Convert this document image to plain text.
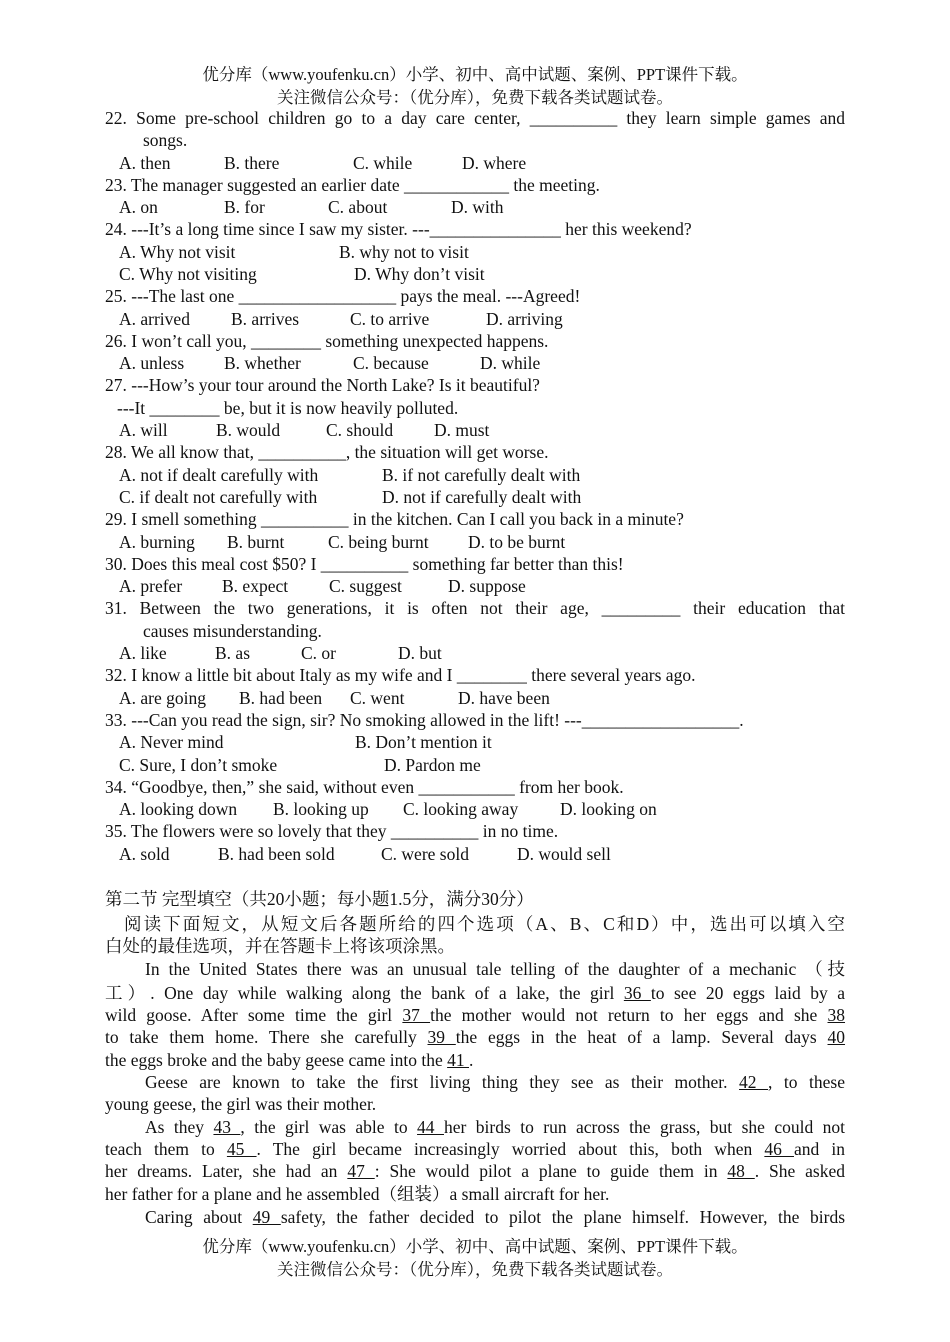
优分库（www.youfenku.cn）小学、初中、高中试题、案例、PPT课件下载。
关注微信公众号：（优分库），免费下载各类试题试卷。
22. Some pre-school children go to a day care center, __________ they learn simple games and
songs.
A. then	B. there	C. while	D. where
23. The manager suggested an earlier date ____________ the meeting.
A. on	B. for	C. about	D. with
24. ---It’s a long time since I saw my sister. ---_______________ her this weekend?
A. Why not visit	B. why not to visit
C. Why not visiting	D. Why don’t visit
25. ---The last one __________________ pays the meal. ---Agreed!
A. arrived B. arrives	C. to arrive	D. arriving
26. I won’t call you, ________ something unexpected happens.
A. unless B. whether	C. because	D. while
27. ---How’s your tour around the North Lake? Is it beautiful?
---It ________ be, but it is now heavily polluted.
A. will	B. would	C. should D. must
28. We all know that, __________, the situation will get worse.
A. not if dealt carefully with	B. if not carefully dealt with
C. if dealt not carefully with	D. not if carefully dealt with
29. I smell something __________ in the kitchen. Can I call you back in a minute?
A. burning B. burnt C. being burnt D. to be burnt
30. Does this meal cost $50? I __________ something far better than this!
A. prefer B. expect C. suggest	D. suppose
31. Between the two generations, it is often not their age, _________ their education that
causes misunderstanding.
A. like	B. as	C. or	D. but
32. I know a little bit about Italy as my wife and I ________ there several years ago.
A. are going B. had been C. went	D. have been
33. ---Can you read the sign, sir? No smoking allowed in the lift! ---__________________.
A. Never mind	B. Don’t mention it
C. Sure, I don’t smoke	D. Pardon me
34. “Goodbye, then,” she said, without even ___________ from her book.
A. looking down B. looking up C. looking away D. looking on
35. The flowers were so lovely that they __________ in no time.
A. sold	B. had been sold	C. were sold	D. would sell
第二节 完型填空（共20小题；每小题1.5分，满分30分）
阅读下面短文，从短文后各题所给的四个选项（A、B、C和D）中，选出可以填入空
白处的最佳选项，并在答题卡上将该项涂黑。
In the United States there was an unusual tale telling of the daughter of a mechanic （技
工）. One day while walking along the bank of a lake, the girl 36 to see 20 eggs laid by a
wild goose. After some time the girl 37 the mother would not return to her eggs and she 38
to take them home. There she carefully 39 the eggs in the heat of a lamp. Several days 40
the eggs broke and the baby geese came into the 41 .
Geese are known to take the first living thing they see as their mother. 42 , to these
young geese, the girl was their mother.
As they 43 , the girl was able to 44 her birds to run across the grass, but she could not
teach them to 45 . The girl became increasingly worried about this, both when 46 and in
her dreams. Later, she had an 47 : She would pilot a plane to guide them in 48 . She asked
her father for a plane and he assembled（组装）a small aircraft for her.
Caring about 49 safety, the father decided to pilot the plane himself. However, the birds
优分库（www.youfenku.cn）小学、初中、高中试题、案例、PPT课件下载。
关注微信公众号：（优分库），免费下载各类试题试卷。
